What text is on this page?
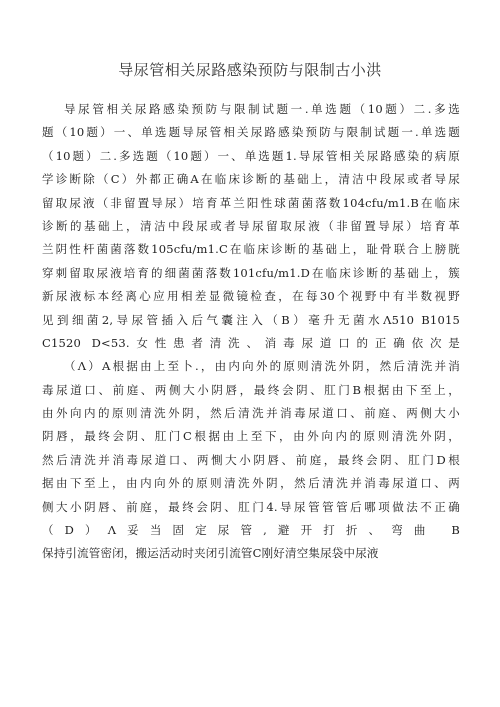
导尿管相关尿路感染预防与限制古小洪
导尿管相关尿路感染预防与限制试题一.单选题（10题）二.多选
题（10题）一、单选题导尿管相关尿路感染预防与限制试题一.单选题
（10题）二.多选题（10题）一、单选题1.导尿管相关尿路感染的病原
学诊断除（C）外都正确A在临床诊断的基础上，清洁中段尿或者导尿
留取尿液（非留置导尿）培育革兰阳性球菌菌落数104cfu/m1.B在临床
诊断的基础上，清洁中段尿或者导尿留取尿液（非留置导尿）培育革
兰阴性杆菌菌落数105cfu/m1.C在临床诊断的基础上，耻骨联合上膀胱
穿刺留取尿液培育的细菌菌落数101cfu/m1.D在临床诊断的基础上，簇
新尿液标本经离心应用相差显微镜检查，在每30个视野中有半数视野
见到细菌2,导尿管插入后气囊注入（B）毫升无菌水Λ510 B1015
C1520 D<53.女性患者清洗、消毒尿道口的正确依次是
（Λ）A根据由上至卜.，由内向外的原则清洗外阴，然后清洗并消
毒尿道口、前庭、两侧大小阴唇，最终会阴、肛门B根据由下至上，
由外向内的原则清洗外阴，然后清洗并消毒尿道口、前庭、两侧大小
阴唇，最终会阴、肛门C根据由上至下，由外向内的原则清洗外阴，
然后清洗并消毒尿道口、两惻大小阴唇、前庭，最终会阴、肛门D根
据由下至上，由内向外的原则清洗外阴，然后清洗并消毒尿道口、两
侧大小阴唇、前庭，最终会阴、肛门4.导尿管管管后哪项做法不正确
（D）Λ妥当固定尿管,避开打折、弯曲 B
保持引流管密闭，搬运活动时夹闭引流管C刚好清空集尿袋中尿液
